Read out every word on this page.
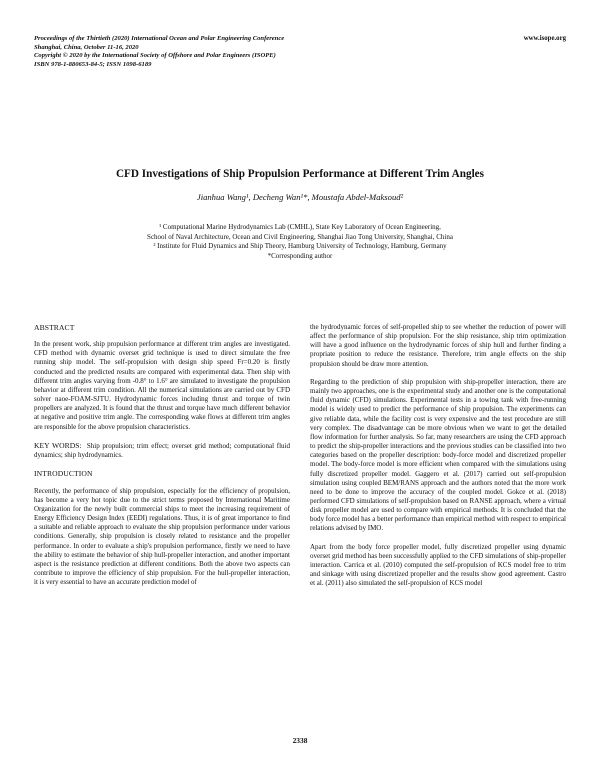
Proceedings of the Thirtieth (2020) International Ocean and Polar Engineering Conference
Shanghai, China, October 11-16, 2020
Copyright © 2020 by the International Society of Offshore and Polar Engineers (ISOPE)
ISBN 978-1-880653-84-5; ISSN 1098-6189
www.isope.org
CFD Investigations of Ship Propulsion Performance at Different Trim Angles
Jianhua Wang¹, Decheng Wan¹*, Moustafa Abdel-Maksoud²
¹ Computational Marine Hydrodynamics Lab (CMHL), State Key Laboratory of Ocean Engineering,
School of Naval Architecture, Ocean and Civil Engineering, Shanghai Jiao Tong University, Shanghai, China
² Institute for Fluid Dynamics and Ship Theory, Hamburg University of Technology, Hamburg, Germany
*Corresponding author
ABSTRACT

In the present work, ship propulsion performance at different trim angles are investigated. CFD method with dynamic overset grid technique is used to direct simulate the free running ship model. The self-propulsion with design ship speed Fr=0.20 is firstly conducted and the predicted results are compared with experimental data. Then ship with different trim angles varying from -0.8° to 1.6° are simulated to investigate the propulsion behavior at different trim condition. All the numerical simulations are carried out by CFD solver naoe-FOAM-SJTU. Hydrodynamic forces including thrust and torque of twin propellers are analyzed. It is found that the thrust and torque have much different behavior at negative and positive trim angle. The corresponding wake flows at different trim angles are responsible for the above propulsion characteristics.

KEY WORDS: Ship propulsion; trim effect; overset grid method; computational fluid dynamics; ship hydrodynamics.

INTRODUCTION

Recently, the performance of ship propulsion, especially for the efficiency of propulsion, has become a very hot topic due to the strict terms proposed by International Maritime Organization for the newly built commercial ships to meet the increasing requirement of Energy Efficiency Design Index (EEDI) regulations. Thus, it is of great importance to find a suitable and reliable approach to evaluate the ship propulsion performance under various conditions. Generally, ship propulsion is closely related to resistance and the propeller performance. In order to evaluate a ship's propulsion performance, firstly we need to have the ability to estimate the behavior of ship hull-propeller interaction, and another important aspect is the resistance prediction at different conditions. Both the above two aspects can contribute to improve the efficiency of ship propulsion. For the hull-propeller interaction, it is very essential to have an accurate prediction model of

the hydrodynamic forces of self-propelled ship to see whether the reduction of power will affect the performance of ship propulsion. For the ship resistance, ship trim optimization will have a good influence on the hydrodynamic forces of ship hull and further finding a propriate position to reduce the resistance. Therefore, trim angle effects on the ship propulsion should be draw more attention.

Regarding to the prediction of ship propulsion with ship-propeller interaction, there are mainly two approaches, one is the experimental study and another one is the computational fluid dynamic (CFD) simulations. Experimental tests in a towing tank with free-running model is widely used to predict the performance of ship propulsion. The experiments can give reliable data, while the facility cost is very expensive and the test procedure are still very complex. The disadvantage can be more obvious when we want to get the detailed flow information for further analysis. So far, many researchers are using the CFD approach to predict the ship-propeller interactions and the previous studies can be classified into two categories based on the propeller description: body-force model and discretized propeller model. The body-force model is more efficient when compared with the simulations using fully discretized propeller model. Gaggero et al. (2017) carried out self-propulsion simulation using coupled BEM/RANS approach and the authors noted that the more work need to be done to improve the accuracy of the coupled model. Gokce et al. (2018) performed CFD simulations of self-propulsion based on RANSE approach, where a virtual disk propeller model are used to compare with empirical methods. It is concluded that the body force model has a better performance than empirical method with respect to empirical relations advised by IMO.

Apart from the body force propeller model, fully discretized propeller using dynamic overset grid method has been successfully applied to the CFD simulations of ship-propeller interaction. Carrica et al. (2010) computed the self-propulsion of KCS model free to trim and sinkage with using discretized propeller and the results show good agreement. Castro et al. (2011) also simulated the self-propulsion of KCS model

2338
